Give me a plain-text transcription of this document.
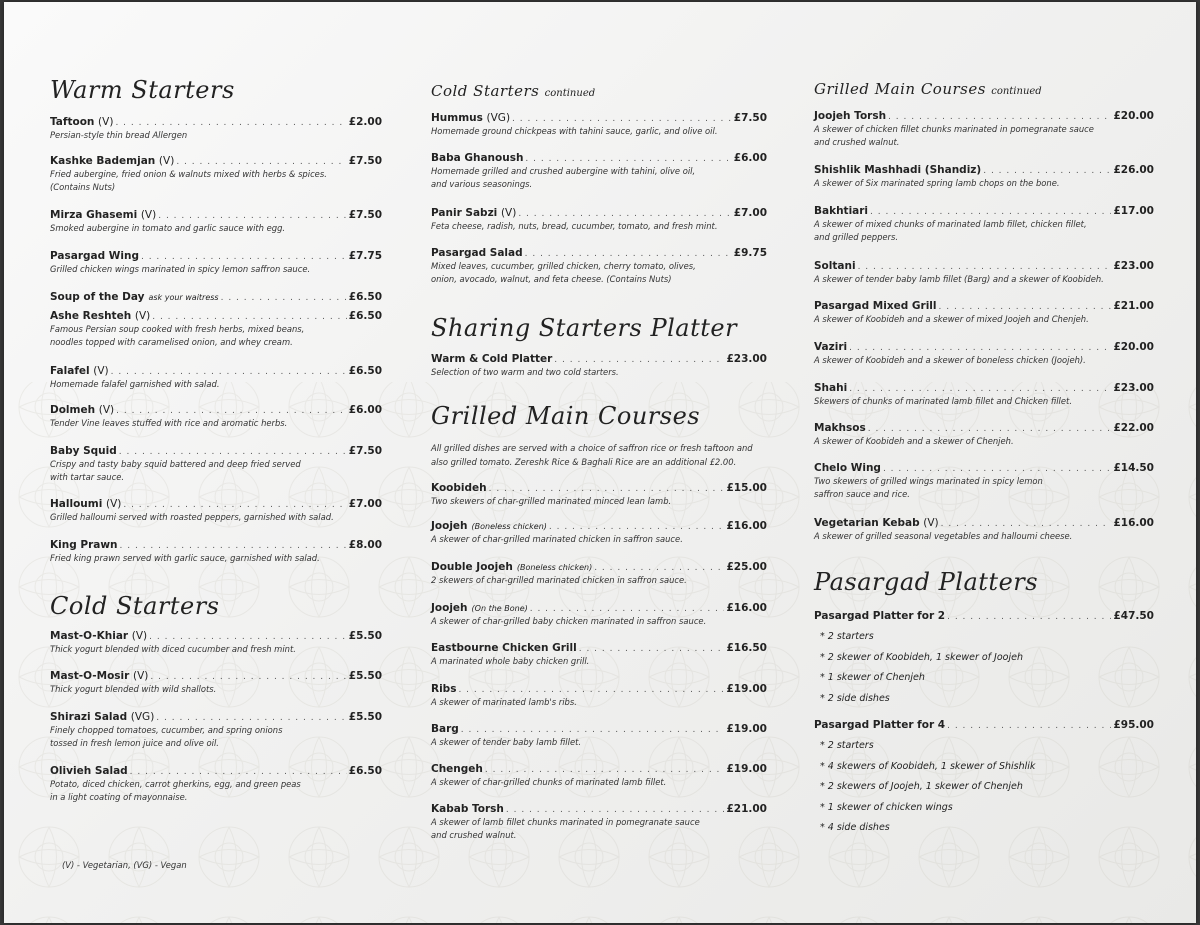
Warm Starters
Taftoon
(V) . . .	£2.00
Persian-style thin bread Allergen
Kashke Bademjan
(V) . . .	£7.50
Fried aubergine, fried onion & walnuts mixed with herbs & spices.
(Contains Nuts)
Mirza Ghasemi
(V) . . .	£7.50
Smoked aubergine in tomato and garlic sauce with egg.
Pasargad Wing . . .	£7.75
Grilled chicken wings marinated in spicy lemon saffron sauce.
Soup of the Day ask your waitress . . .	£6.50
Ashe Reshteh
(V) . . .	£6.50
Famous Persian soup cooked with fresh herbs, mixed beans,
noodles topped with caramelised onion, and whey cream.
Falafel
(V) . . .	£6.50
Homemade falafel garnished with salad.
Dolmeh
(V) . . .	£6.00
Tender Vine leaves stuffed with rice and aromatic herbs.
Baby Squid . . .	£7.50
Crispy and tasty baby squid battered and deep fried served
with tartar sauce.
Halloumi
(V) . . .	£7.00
Grilled halloumi served with roasted peppers, garnished with salad.
King Prawn . . .	£8.00
Fried king prawn served with garlic sauce, garnished with salad.
Cold Starters
Mast-O-Khiar
(V) . . .	£5.50
Thick yogurt blended with diced cucumber and fresh mint.
Mast-O-Mosir
(V) . . .	£5.50
Thick yogurt blended with wild shallots.
Shirazi Salad
(VG) . . .	£5.50
Finely chopped tomatoes, cucumber, and spring onions
tossed in fresh lemon juice and olive oil.
Olivieh Salad . . .	£6.50
Potato, diced chicken, carrot gherkins, egg, and green peas
in a light coating of mayonnaise.
Cold Starters continued
Hummus
(VG) . . .	£7.50
Homemade ground chickpeas with tahini sauce, garlic, and olive oil.
Baba Ghanoush . . .	£6.00
Homemade grilled and crushed aubergine with tahini, olive oil,
and various seasonings.
Panir Sabzi
(V) . . .	£7.00
Feta cheese, radish, nuts, bread, cucumber, tomato, and fresh mint.
Pasargad Salad . . .	£9.75
Mixed leaves, cucumber, grilled chicken, cherry tomato, olives,
onion, avocado, walnut, and feta cheese. (Contains Nuts)
Sharing Starters Platter
Warm & Cold Platter . . .	£23.00
Selection of two warm and two cold starters.
Grilled Main Courses
All grilled dishes are served with a choice of saffron rice or fresh taftoon and
also grilled tomato. Zereshk Rice & Baghali Rice are an additional £2.00.
Koobideh . . .	£15.00
Two skewers of char-grilled marinated minced lean lamb.
Joojeh (Boneless chicken) . . .	£16.00
A skewer of char-grilled marinated chicken in saffron sauce.
Double Joojeh (Boneless chicken) . . .	£25.00
2 skewers of char-grilled marinated chicken in saffron sauce.
Joojeh (On the Bone) . . .	£16.00
A skewer of char-grilled baby chicken marinated in saffron sauce.
Eastbourne Chicken Grill . . .	£16.50
A marinated whole baby chicken grill.
Ribs . . .	£19.00
A skewer of marinated lamb's ribs.
Barg . . .	£19.00
A skewer of tender baby lamb fillet.
Chengeh . . .	£19.00
A skewer of char-grilled chunks of marinated lamb fillet.
Kabab Torsh . . .	£21.00
A skewer of lamb fillet chunks marinated in pomegranate sauce
and crushed walnut.
Grilled Main Courses continued
Joojeh Torsh . . .	£20.00
A skewer of chicken fillet chunks marinated in pomegranate sauce
and crushed walnut.
Shishlik Mashhadi (Shandiz) . . .	£26.00
A skewer of Six marinated spring lamb chops on the bone.
Bakhtiari . . .	£17.00
A skewer of mixed chunks of marinated lamb fillet, chicken fillet,
and grilled peppers.
Soltani . . .	£23.00
A skewer of tender baby lamb fillet (Barg) and a skewer of Koobideh.
Pasargad Mixed Grill . . .	£21.00
A skewer of Koobideh and a skewer of mixed Joojeh and Chenjeh.
Vaziri . . .	£20.00
A skewer of Koobideh and a skewer of boneless chicken (Joojeh).
Shahi . . .	£23.00
Skewers of chunks of marinated lamb fillet and Chicken fillet.
Makhsos . . .	£22.00
A skewer of Koobideh and a skewer of Chenjeh.
Chelo Wing . . .	£14.50
Two skewers of grilled wings marinated in spicy lemon
saffron sauce and rice.
Vegetarian Kebab
(V) . . .	£16.00
A skewer of grilled seasonal vegetables and halloumi cheese.
Pasargad Platters
Pasargad Platter for 2 . . .	£47.50
* 2 starters
* 2 skewer of Koobideh, 1 skewer of Joojeh
* 1 skewer of Chenjeh
* 2 side dishes
Pasargad Platter for 4 . . .	£95.00
* 2 starters
* 4 skewers of Koobideh, 1 skewer of Shishlik
* 2 skewers of Joojeh, 1 skewer of Chenjeh
* 1 skewer of chicken wings
* 4 side dishes
(V) - Vegetarian, (VG) - Vegan
